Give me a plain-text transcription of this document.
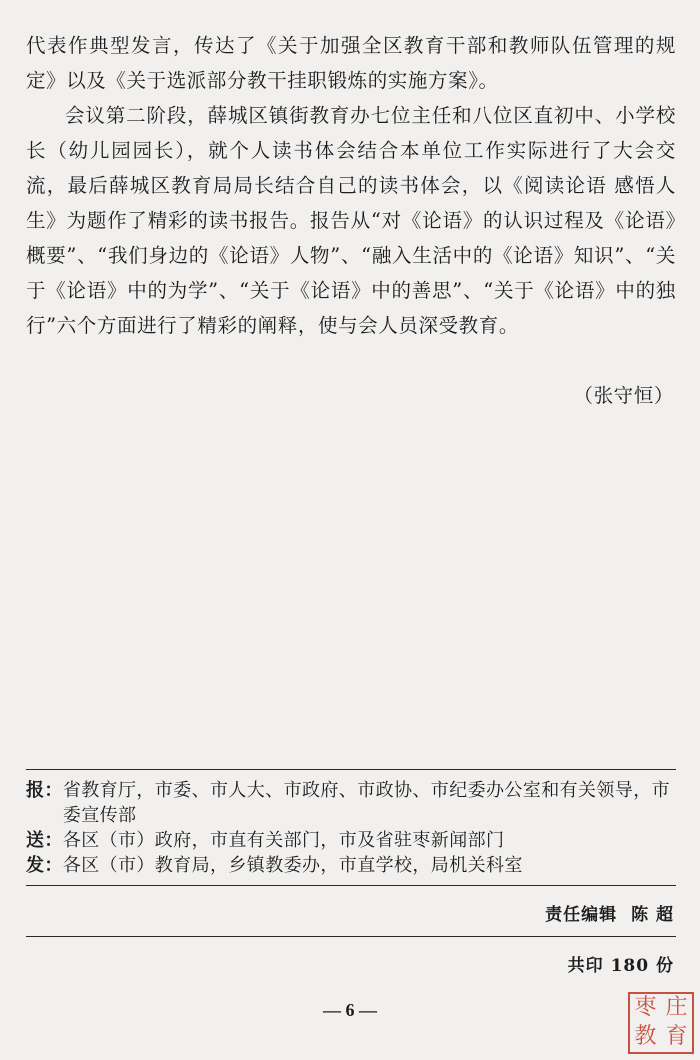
代表作典型发言，传达了《关于加强全区教育干部和教师队伍管理的规定》以及《关于选派部分教干挂职锻炼的实施方案》。

会议第二阶段，薛城区镇街教育办七位主任和八位区直初中、小学校长（幼儿园园长），就个人读书体会结合本单位工作实际进行了大会交流，最后薛城区教育局局长结合自己的读书体会，以《阅读论语 感悟人生》为题作了精彩的读书报告。报告从“对《论语》的认识过程及《论语》概要”、“我们身边的《论语》人物”、“融入生活中的《论语》知识”、“关于《论语》中的为学”、“关于《论语》中的善思”、“关于《论语》中的独行”六个方面进行了精彩的阐释，使与会人员深受教育。

（张守恒）
报： 省教育厅，市委、市人大、市政府、市政协、市纪委办公室和有关领导，市委宣传部
送： 各区（市）政府，市直有关部门，市及省驻枣新闻部门
发： 各区（市）教育局，乡镇教委办，市直学校，局机关科室
责任编辑 陈 超
共印 180 份
— 6 —	枣 庄
教 育
